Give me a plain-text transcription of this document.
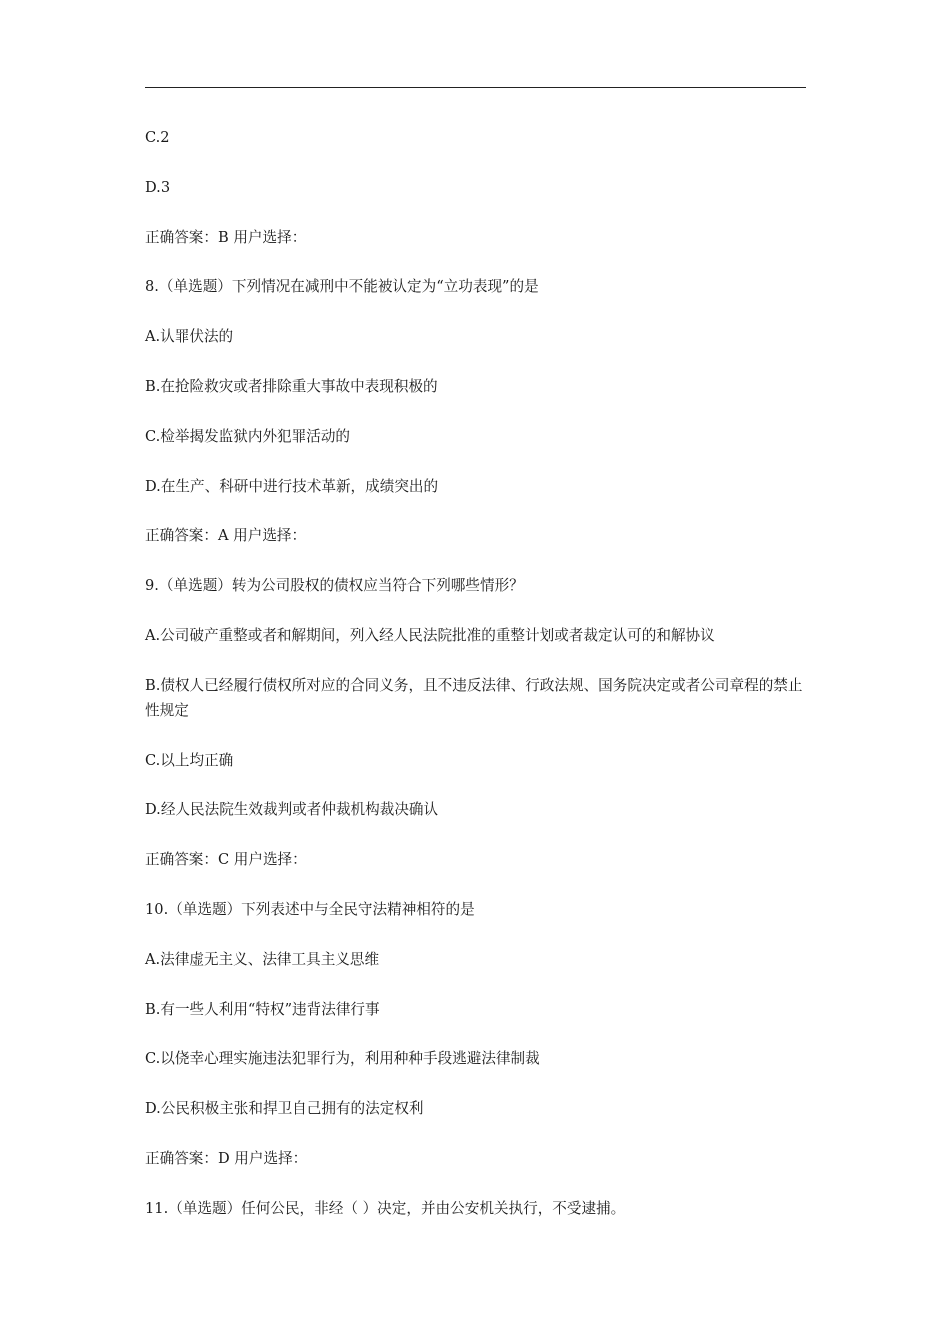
C.2

D.3

正确答案：B 用户选择：

8.（单选题）下列情况在减刑中不能被认定为“立功表现”的是

A.认罪伏法的

B.在抢险救灾或者排除重大事故中表现积极的

C.检举揭发监狱内外犯罪活动的

D.在生产、科研中进行技术革新，成绩突出的

正确答案：A 用户选择：

9.（单选题）转为公司股权的债权应当符合下列哪些情形？

A.公司破产重整或者和解期间，列入经人民法院批准的重整计划或者裁定认可的和解协议

B.债权人已经履行债权所对应的合同义务，且不违反法律、行政法规、国务院决定或者公司章程的禁止性规定

C.以上均正确

D.经人民法院生效裁判或者仲裁机构裁决确认

正确答案：C 用户选择：

10.（单选题）下列表述中与全民守法精神相符的是

A.法律虚无主义、法律工具主义思维

B.有一些人利用“特权”违背法律行事

C.以侥幸心理实施违法犯罪行为，利用种种手段逃避法律制裁

D.公民积极主张和捍卫自己拥有的法定权利

正确答案：D 用户选择：

11.（单选题）任何公民，非经（ ）决定，并由公安机关执行，不受逮捕。
